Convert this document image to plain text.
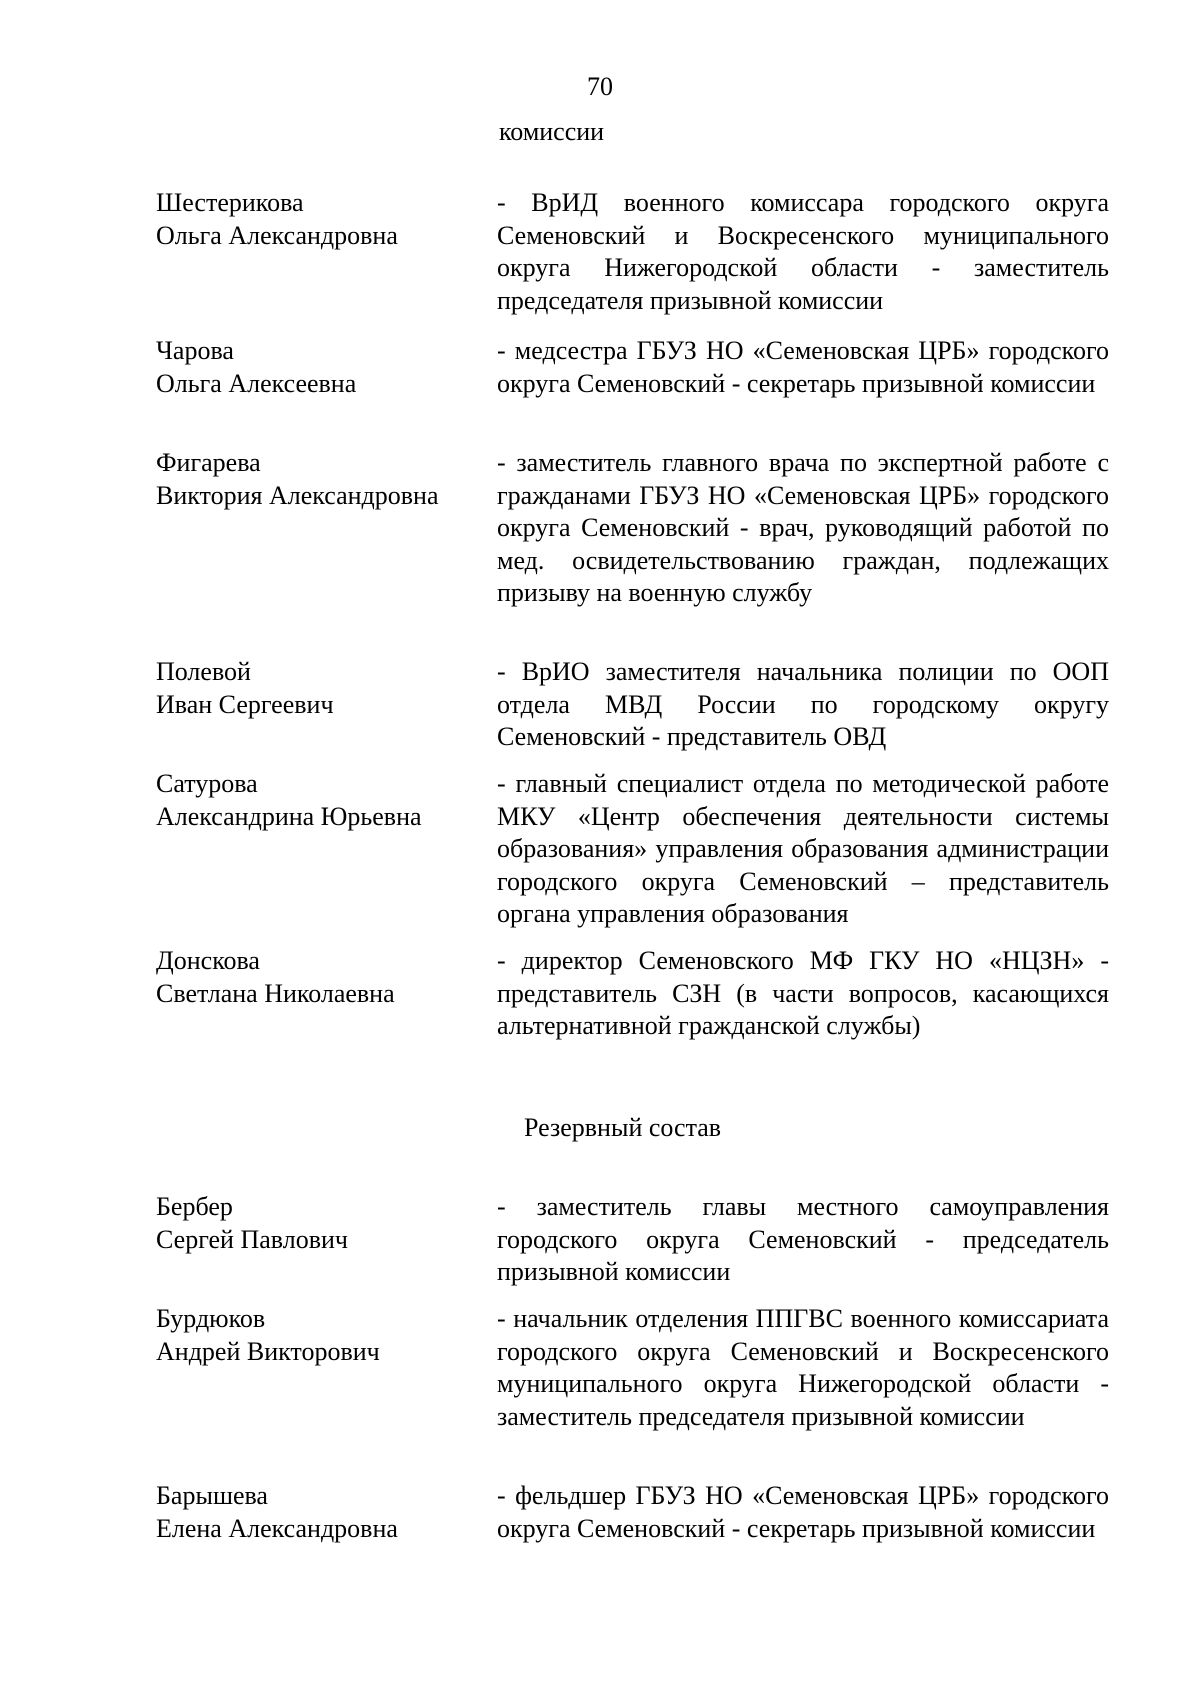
70
комиссии
Шестерикова
Ольга Александровна
- ВрИД военного комиссара городского округа Семеновский и Воскресенского муниципального округа Нижегородской области - заместитель председателя призывной комиссии
Чарова
Ольга Алексеевна
- медсестра ГБУЗ НО «Семеновская ЦРБ» городского округа Семеновский - секретарь призывной комиссии
Фигарева
Виктория Александровна
- заместитель главного врача по экспертной работе с гражданами ГБУЗ НО «Семеновская ЦРБ» городского округа Семеновский - врач, руководящий работой по мед. освидетельствованию граждан, подлежащих призыву на военную службу
Полевой
Иван Сергеевич
- ВрИО заместителя начальника полиции по ООП отдела МВД России по городскому округу Семеновский - представитель ОВД
Сатурова
Александрина Юрьевна
- главный специалист отдела по методической работе МКУ «Центр обеспечения деятельности системы образования» управления образования администрации городского округа Семеновский – представитель органа управления образования
Донскова
Светлана Николаевна
- директор Семеновского МФ ГКУ НО «НЦЗН» - представитель СЗН (в части вопросов, касающихся альтернативной гражданской службы)
Резервный состав
Бербер
Сергей Павлович
- заместитель главы местного самоуправления городского округа Семеновский - председатель призывной комиссии
Бурдюков
Андрей Викторович
- начальник отделения ППГВС военного комиссариата городского округа Семеновский и Воскресенского муниципального округа Нижегородской области - заместитель председателя призывной комиссии
Барышева
Елена Александровна
- фельдшер ГБУЗ НО «Семеновская ЦРБ» городского округа Семеновский - секретарь призывной комиссии
